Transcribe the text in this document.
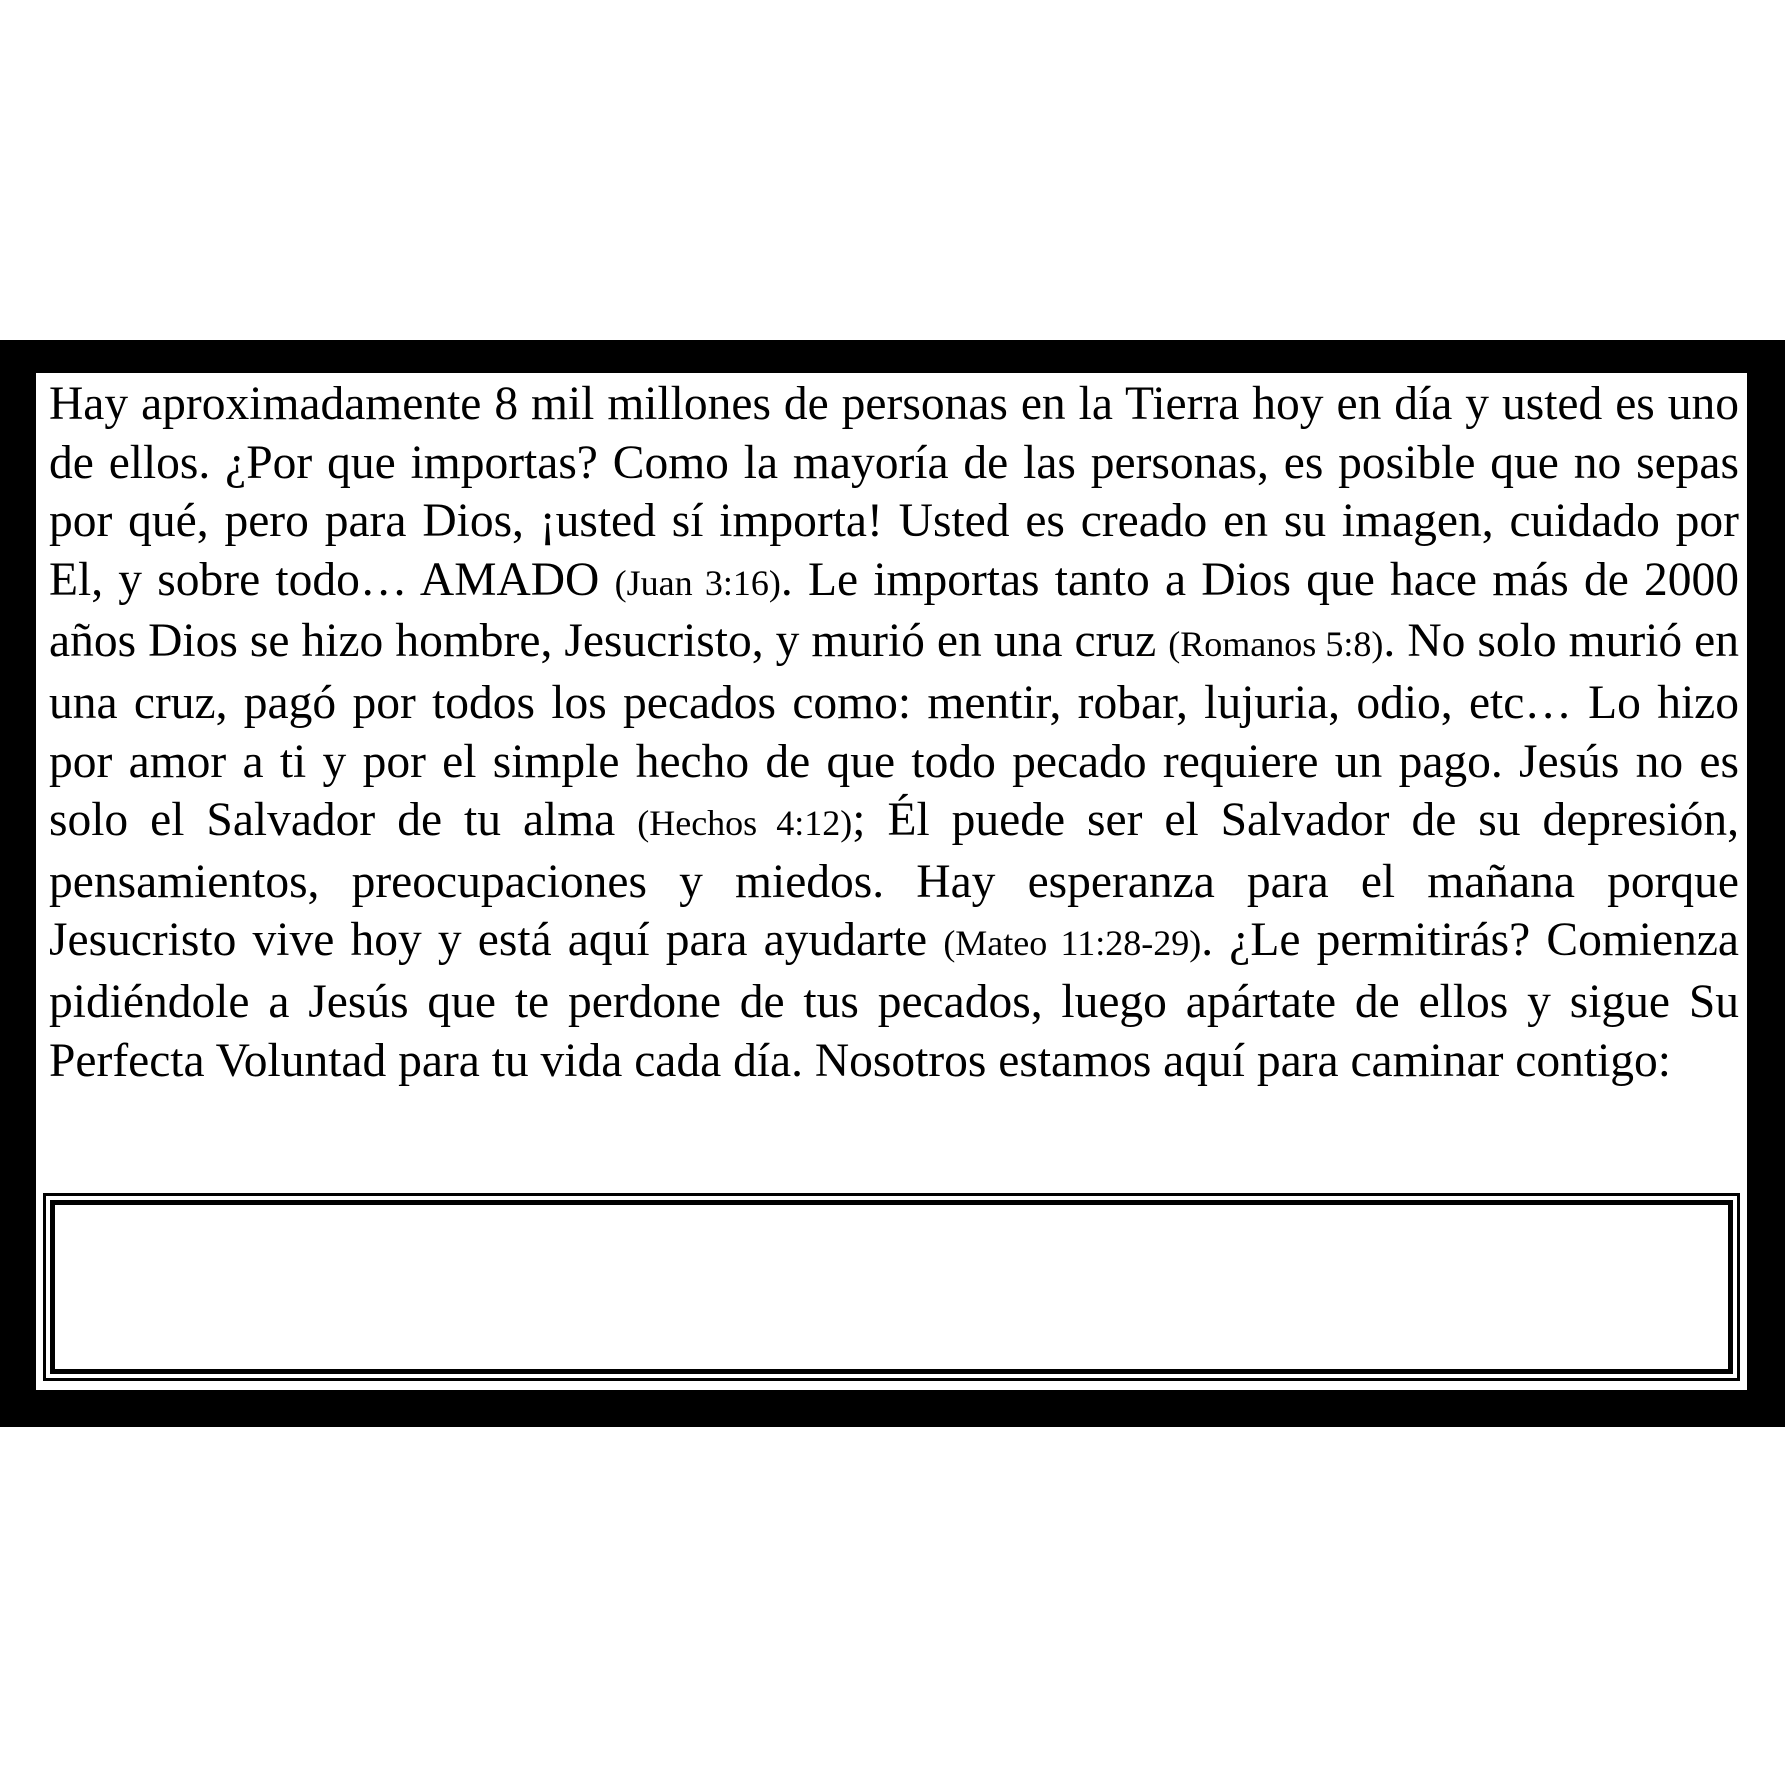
Hay aproximadamente 8 mil millones de personas en la Tierra hoy en día y usted es uno de ellos. ¿Por que importas? Como la mayoría de las personas, es posible que no sepas por qué, pero para Dios, ¡usted sí importa! Usted es creado en su imagen, cuidado por El, y sobre todo… AMADO (Juan 3:16). Le importas tanto a Dios que hace más de 2000 años Dios se hizo hombre, Jesucristo, y murió en una cruz (Romanos 5:8). No solo murió en una cruz, pagó por todos los pecados como: mentir, robar, lujuria, odio, etc… Lo hizo por amor a ti y por el simple hecho de que todo pecado requiere un pago. Jesús no es solo el Salvador de tu alma (Hechos 4:12); Él puede ser el Salvador de su depresión, pensamientos, preocupaciones y miedos. Hay esperanza para el mañana porque Jesucristo vive hoy y está aquí para ayudarte (Mateo 11:28-29). ¿Le permitirás? Comienza pidiéndole a Jesús que te perdone de tus pecados, luego apártate de ellos y sigue Su Perfecta Voluntad para tu vida cada día. Nosotros estamos aquí para caminar contigo:
